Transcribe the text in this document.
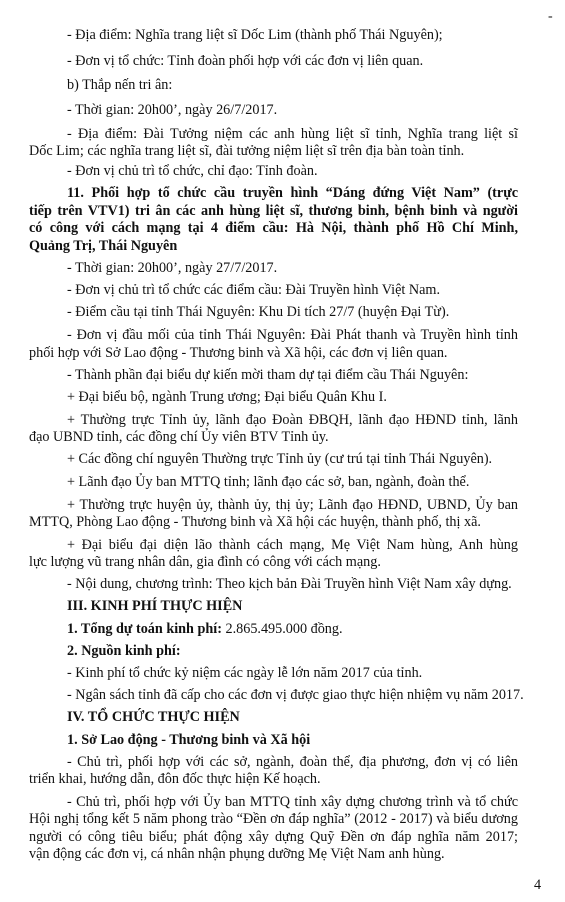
-
- Địa điểm: Nghĩa trang liệt sĩ Dốc Lim (thành phố Thái Nguyên);
- Đơn vị tổ chức: Tỉnh đoàn phối hợp với các đơn vị liên quan.
b) Thắp nến tri ân:
- Thời gian: 20h00’, ngày 26/7/2017.
- Địa điểm: Đài Tưởng niệm các anh hùng liệt sĩ tỉnh, Nghĩa trang liệt sĩ
Dốc Lim; các nghĩa trang liệt sĩ, đài tưởng niệm liệt sĩ trên địa bàn toàn tỉnh.
- Đơn vị chủ trì tổ chức, chỉ đạo: Tỉnh đoàn.
11. Phối hợp tổ chức cầu truyền hình “Dáng đứng Việt Nam” (trực
tiếp trên VTV1) tri ân các anh hùng liệt sĩ, thương binh, bệnh binh và người
có công với cách mạng tại 4 điểm cầu: Hà Nội, thành phố Hồ Chí Minh,
Quảng Trị, Thái Nguyên
- Thời gian: 20h00’, ngày 27/7/2017.
- Đơn vị chủ trì tổ chức các điểm cầu: Đài Truyền hình Việt Nam.
- Điểm cầu tại tỉnh Thái Nguyên: Khu Di tích 27/7 (huyện Đại Từ).
- Đơn vị đầu mối của tỉnh Thái Nguyên: Đài Phát thanh và Truyền hình tỉnh
phối hợp với Sở Lao động - Thương binh và Xã hội, các đơn vị liên quan.
- Thành phần đại biểu dự kiến mời tham dự tại điểm cầu Thái Nguyên:
+ Đại biểu bộ, ngành Trung ương; Đại biểu Quân Khu I.
+ Thường trực Tỉnh ủy, lãnh đạo Đoàn ĐBQH, lãnh đạo HĐND tỉnh, lãnh
đạo UBND tỉnh, các đồng chí Ủy viên BTV Tỉnh ủy.
+ Các đồng chí nguyên Thường trực Tỉnh ủy (cư trú tại tỉnh Thái Nguyên).
+ Lãnh đạo Ủy ban MTTQ tỉnh; lãnh đạo các sở, ban, ngành, đoàn thể.
+ Thường trực huyện ủy, thành ủy, thị ủy; Lãnh đạo HĐND, UBND, Ủy ban
MTTQ, Phòng Lao động - Thương binh và Xã hội các huyện, thành phố, thị xã.
+ Đại biểu đại diện lão thành cách mạng, Mẹ Việt Nam hùng, Anh hùng
lực lượng vũ trang nhân dân, gia đình có công với cách mạng.
- Nội dung, chương trình: Theo kịch bản Đài Truyền hình Việt Nam xây dựng.
III. KINH PHÍ THỰC HIỆN
1. Tổng dự toán kinh phí: 2.865.495.000 đồng.
2. Nguồn kinh phí:
- Kinh phí tổ chức kỷ niệm các ngày lễ lớn năm 2017 của tỉnh.
- Ngân sách tỉnh đã cấp cho các đơn vị được giao thực hiện nhiệm vụ năm 2017.
IV. TỔ CHỨC THỰC HIỆN
1. Sở Lao động - Thương binh và Xã hội
- Chủ trì, phối hợp với các sở, ngành, đoàn thể, địa phương, đơn vị có liên
triển khai, hướng dẫn, đôn đốc thực hiện Kế hoạch.
- Chủ trì, phối hợp với Ủy ban MTTQ tỉnh xây dựng chương trình và tổ chức
Hội nghị tổng kết 5 năm phong trào “Đền ơn đáp nghĩa” (2012 - 2017) và biểu dương
người có công tiêu biểu; phát động xây dựng Quỹ Đền ơn đáp nghĩa năm 2017;
vận động các đơn vị, cá nhân nhận phụng dưỡng Mẹ Việt Nam anh hùng.
4
